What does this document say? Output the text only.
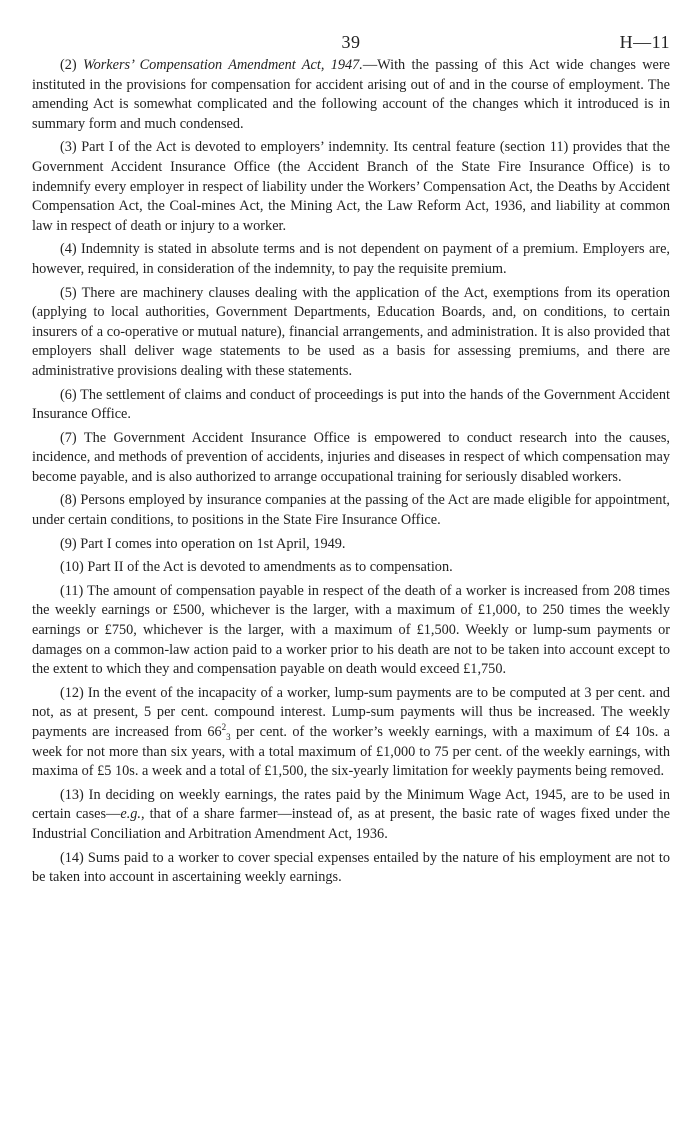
39	H—11

(2) Workers’ Compensation Amendment Act, 1947.—With the passing of this Act wide changes were instituted in the provisions for compensation for accident arising out of and in the course of employment. The amending Act is somewhat complicated and the following account of the changes which it introduced is in summary form and much condensed.

(3) Part I of the Act is devoted to employers’ indemnity. Its central feature (section 11) provides that the Government Accident Insurance Office (the Accident Branch of the State Fire Insurance Office) is to indemnify every employer in respect of liability under the Workers’ Compensation Act, the Deaths by Accident Compensation Act, the Coal-mines Act, the Mining Act, the Law Reform Act, 1936, and liability at common law in respect of death or injury to a worker.

(4) Indemnity is stated in absolute terms and is not dependent on payment of a premium. Employers are, however, required, in consideration of the indemnity, to pay the requisite premium.

(5) There are machinery clauses dealing with the application of the Act, exemptions from its operation (applying to local authorities, Government Departments, Education Boards, and, on conditions, to certain insurers of a co-operative or mutual nature), financial arrangements, and administration. It is also provided that employers shall deliver wage statements to be used as a basis for assessing premiums, and there are administrative provisions dealing with these statements.

(6) The settlement of claims and conduct of proceedings is put into the hands of the Government Accident Insurance Office.

(7) The Government Accident Insurance Office is empowered to conduct research into the causes, incidence, and methods of prevention of accidents, injuries and diseases in respect of which compensation may become payable, and is also authorized to arrange occupational training for seriously disabled workers.

(8) Persons employed by insurance companies at the passing of the Act are made eligible for appointment, under certain conditions, to positions in the State Fire Insurance Office.

(9) Part I comes into operation on 1st April, 1949.

(10) Part II of the Act is devoted to amendments as to compensation.

(11) The amount of compensation payable in respect of the death of a worker is increased from 208 times the weekly earnings or £500, whichever is the larger, with a maximum of £1,000, to 250 times the weekly earnings or £750, whichever is the larger, with a maximum of £1,500. Weekly or lump-sum payments or damages on a common-law action paid to a worker prior to his death are not to be taken into account except to the extent to which they and compensation payable on death would exceed £1,750.

(12) In the event of the incapacity of a worker, lump-sum payments are to be computed at 3 per cent. and not, as at present, 5 per cent. compound interest. Lump-sum payments will thus be increased. The weekly payments are increased from $66^2_3$ per cent. of the worker’s weekly earnings, with a maximum of £4 10s. a week for not more than six years, with a total maximum of £1,000 to 75 per cent. of the weekly earnings, with maxima of £5 10s. a week and a total of £1,500, the six-yearly limitation for weekly payments being removed.

(13) In deciding on weekly earnings, the rates paid by the Minimum Wage Act, 1945, are to be used in certain cases—e.g., that of a share farmer—instead of, as at present, the basic rate of wages fixed under the Industrial Conciliation and Arbitration Amendment Act, 1936.

(14) Sums paid to a worker to cover special expenses entailed by the nature of his employment are not to be taken into account in ascertaining weekly earnings.
